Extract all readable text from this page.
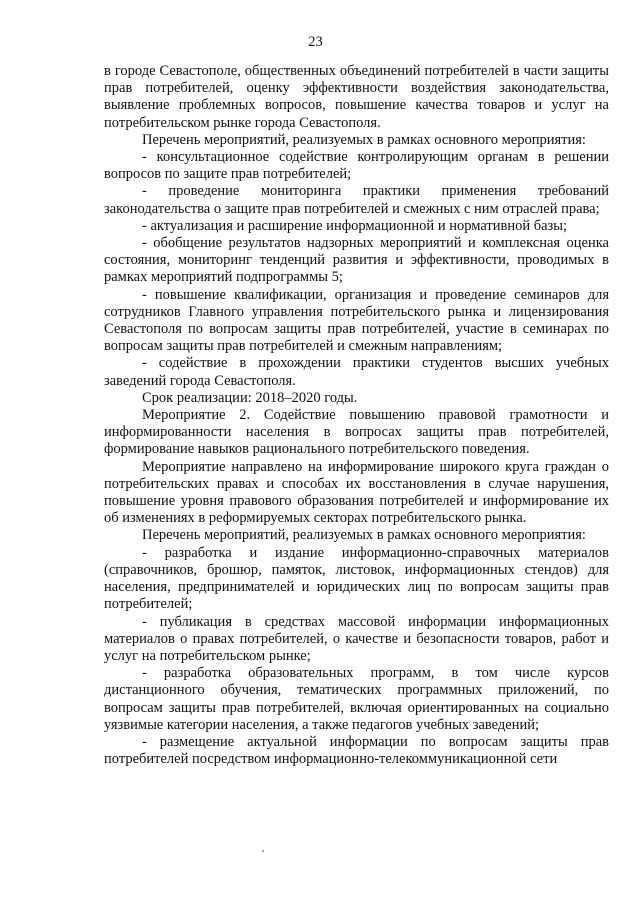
23

в городе Севастополе, общественных объединений потребителей в части защиты прав потребителей, оценку эффективности воздействия законодательства, выявление проблемных вопросов, повышение качества товаров и услуг на потребительском рынке города Севастополя.

Перечень мероприятий, реализуемых в рамках основного мероприятия:

- консультационное содействие контролирующим органам в решении вопросов по защите прав потребителей;

- проведение мониторинга практики применения требований законодательства о защите прав потребителей и смежных с ним отраслей права;

- актуализация и расширение информационной и нормативной базы;

- обобщение результатов надзорных мероприятий и комплексная оценка состояния, мониторинг тенденций развития и эффективности, проводимых в рамках мероприятий подпрограммы 5;

- повышение квалификации, организация и проведение семинаров для сотрудников Главного управления потребительского рынка и лицензирования Севастополя по вопросам защиты прав потребителей, участие в семинарах по вопросам защиты прав потребителей и смежным направлениям;

- содействие в прохождении практики студентов высших учебных заведений города Севастополя.

Срок реализации: 2018–2020 годы.

Мероприятие 2. Содействие повышению правовой грамотности и информированности населения в вопросах защиты прав потребителей, формирование навыков рационального потребительского поведения.

Мероприятие направлено на информирование широкого круга граждан о потребительских правах и способах их восстановления в случае нарушения, повышение уровня правового образования потребителей и информирование их об изменениях в реформируемых секторах потребительского рынка.

Перечень мероприятий, реализуемых в рамках основного мероприятия:

- разработка и издание информационно-справочных материалов (справочников, брошюр, памяток, листовок, информационных стендов) для населения, предпринимателей и юридических лиц по вопросам защиты прав потребителей;

- публикация в средствах массовой информации информационных материалов о правах потребителей, о качестве и безопасности товаров, работ и услуг на потребительском рынке;

- разработка образовательных программ, в том числе курсов дистанционного обучения, тематических программных приложений, по вопросам защиты прав потребителей, включая ориентированных на социально уязвимые категории населения, а также педагогов учебных заведений;

- размещение актуальной информации по вопросам защиты прав потребителей посредством информационно-телекоммуникационной сети
